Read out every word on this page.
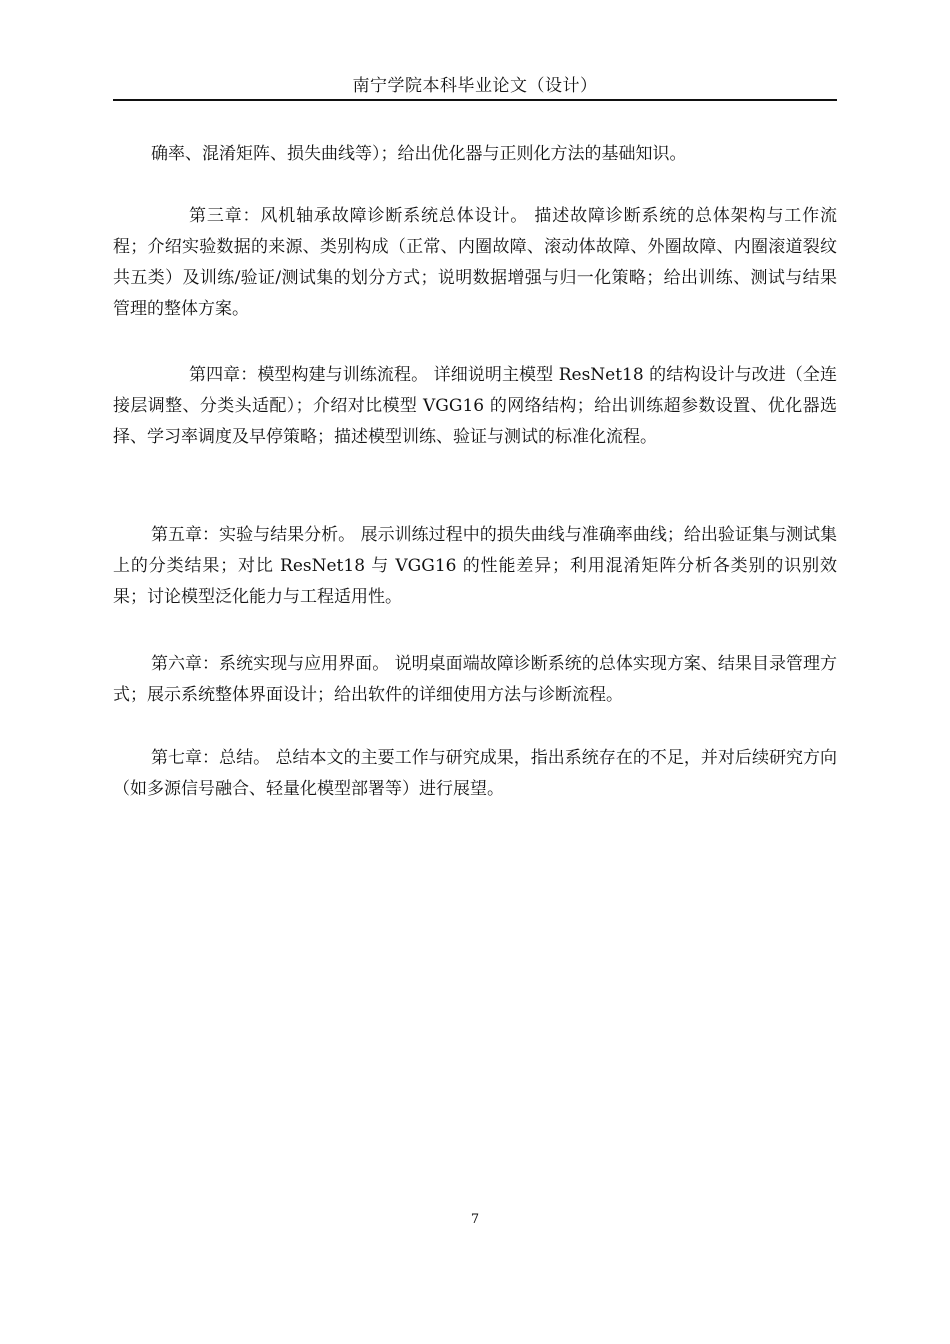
南宁学院本科毕业论文（设计）

确率、混淆矩阵、损失曲线等）；给出优化器与正则化方法的基础知识。

第三章：风机轴承故障诊断系统总体设计。 描述故障诊断系统的总体架构与工作流程；介绍实验数据的来源、类别构成（正常、内圈故障、滚动体故障、外圈故障、内圈滚道裂纹共五类）及训练/验证/测试集的划分方式；说明数据增强与归一化策略；给出训练、测试与结果管理的整体方案。

第四章：模型构建与训练流程。 详细说明主模型 ResNet18 的结构设计与改进（全连接层调整、分类头适配）；介绍对比模型 VGG16 的网络结构；给出训练超参数设置、优化器选择、学习率调度及早停策略；描述模型训练、验证与测试的标准化流程。

第五章：实验与结果分析。 展示训练过程中的损失曲线与准确率曲线；给出验证集与测试集上的分类结果；对比 ResNet18 与 VGG16 的性能差异；利用混淆矩阵分析各类别的识别效果；讨论模型泛化能力与工程适用性。

第六章：系统实现与应用界面。 说明桌面端故障诊断系统的总体实现方案、结果目录管理方式；展示系统整体界面设计；给出软件的详细使用方法与诊断流程。

第七章：总结。 总结本文的主要工作与研究成果，指出系统存在的不足，并对后续研究方向（如多源信号融合、轻量化模型部署等）进行展望。

7
